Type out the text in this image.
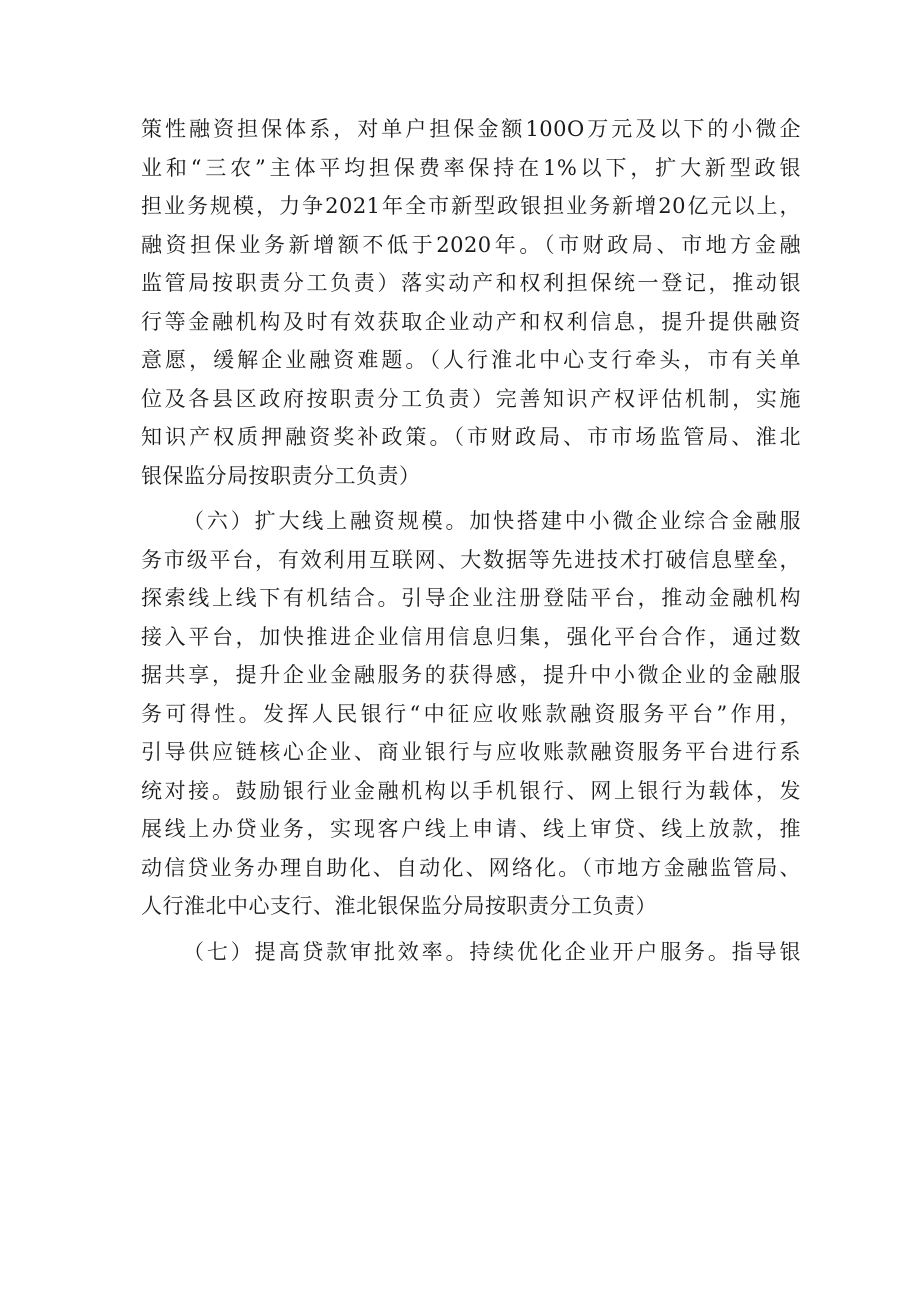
策性融资担保体系，对单户担保金额100O万元及以下的小微企
业和“三农”主体平均担保费率保持在1%以下，扩大新型政银
担业务规模，力争2021年全市新型政银担业务新增20亿元以上，
融资担保业务新增额不低于2020年。（市财政局、市地方金融
监管局按职责分工负责）落实动产和权利担保统一登记，推动银
行等金融机构及时有效获取企业动产和权利信息，提升提供融资
意愿，缓解企业融资难题。（人行淮北中心支行牵头，市有关单
位及各县区政府按职责分工负责）完善知识产权评估机制，实施
知识产权质押融资奖补政策。（市财政局、市市场监管局、淮北
银保监分局按职责分工负责）
（六）扩大线上融资规模。加快搭建中小微企业综合金融服
务市级平台，有效利用互联网、大数据等先进技术打破信息壁垒，
探索线上线下有机结合。引导企业注册登陆平台，推动金融机构
接入平台，加快推进企业信用信息归集，强化平台合作，通过数
据共享，提升企业金融服务的获得感，提升中小微企业的金融服
务可得性。发挥人民银行“中征应收账款融资服务平台”作用，
引导供应链核心企业、商业银行与应收账款融资服务平台进行系
统对接。鼓励银行业金融机构以手机银行、网上银行为载体，发
展线上办贷业务，实现客户线上申请、线上审贷、线上放款，推
动信贷业务办理自助化、自动化、网络化。（市地方金融监管局、
人行淮北中心支行、淮北银保监分局按职责分工负责）
（七）提高贷款审批效率。持续优化企业开户服务。指导银
